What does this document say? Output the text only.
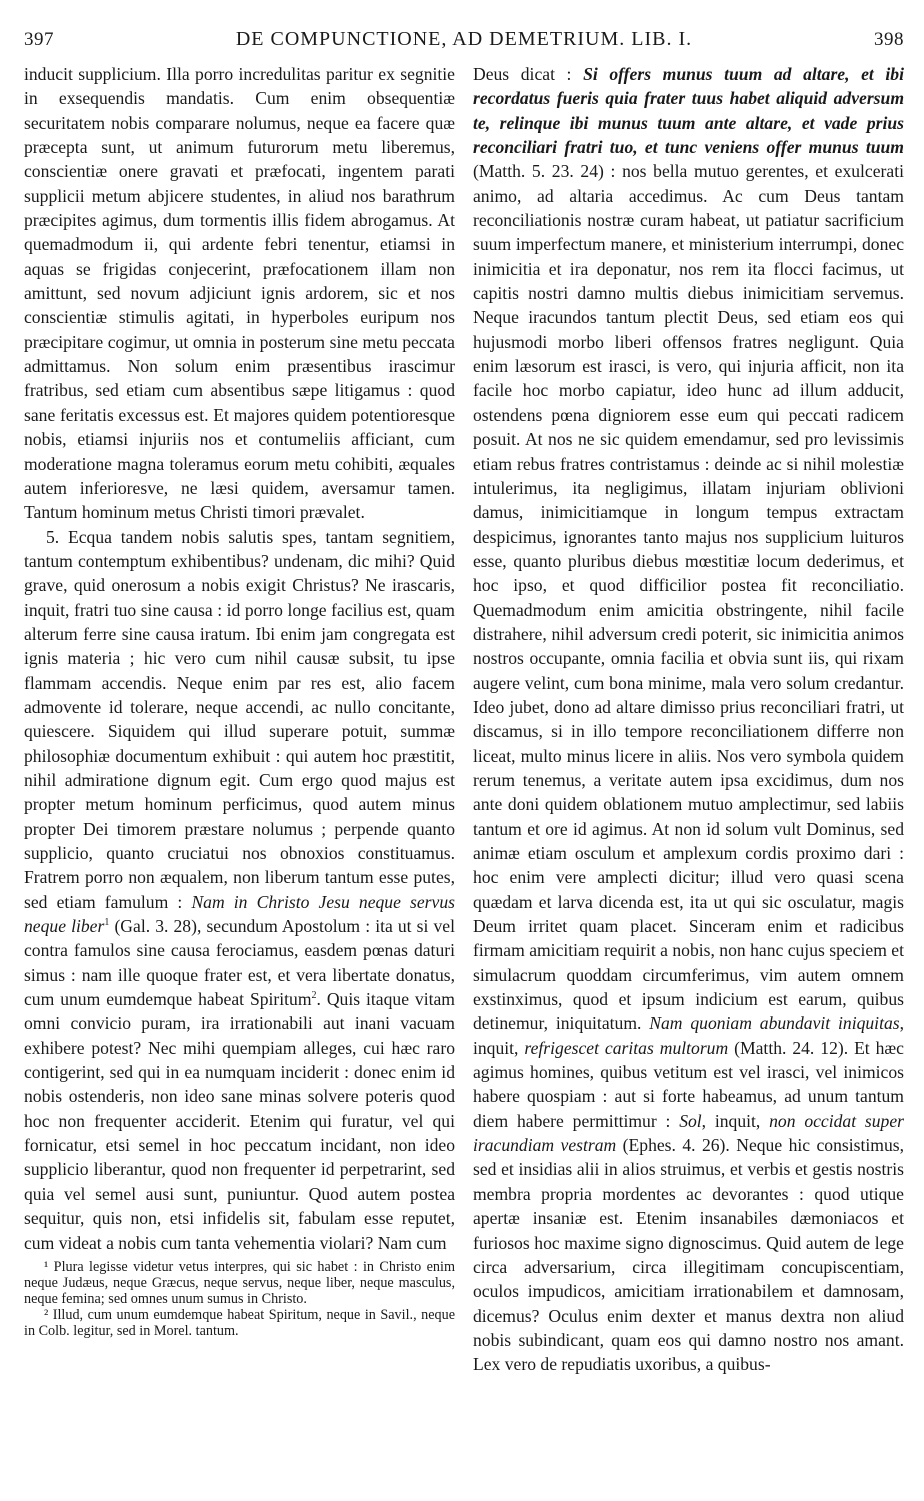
397	DE COMPUNCTIONE, AD DEMETRIUM. LIB. I.	398

inducit supplicium. Illa porro incredulitas paritur ex segnitie in exsequendis mandatis. Cum enim obsequentiæ securitatem nobis comparare nolumus, neque ea facere quæ præcepta sunt, ut animum futurorum metu liberemus, conscientiæ onere gravati et præfocati, ingentem parati supplicii metum abjicere studentes, in aliud nos barathrum præcipites agimus, dum tormentis illis fidem abrogamus. At quemadmodum ii, qui ardente febri tenentur, etiamsi in aquas se frigidas conjecerint, præfocationem illam non amittunt, sed novum adjiciunt ignis ardorem, sic et nos conscientiæ stimulis agitati, in hyperboles euripum nos præcipitare cogimur, ut omnia in posterum sine metu peccata admittamus. Non solum enim præsentibus irascimur fratribus, sed etiam cum absentibus sæpe litigamus : quod sane feritatis excessus est. Et majores quidem potentioresque nobis, etiamsi injuriis nos et contumeliis afficiant, cum moderatione magna toleramus eorum metu cohibiti, æquales autem inferioresve, ne læsi quidem, aversamur tamen. Tantum hominum metus Christi timori prævalet.

5. Ecqua tandem nobis salutis spes, tantam segnitiem, tantum contemptum exhibentibus? undenam, dic mihi? Quid grave, quid onerosum a nobis exigit Christus? Ne irascaris, inquit, fratri tuo sine causa : id porro longe facilius est, quam alterum ferre sine causa iratum. Ibi enim jam congregata est ignis materia ; hic vero cum nihil causæ subsit, tu ipse flammam accendis. Neque enim par res est, alio facem admovente id tolerare, neque accendi, ac nullo concitante, quiescere. Siquidem qui illud superare potuit, summæ philosophiæ documentum exhibuit : qui autem hoc præstitit, nihil admiratione dignum egit. Cum ergo quod majus est propter metum hominum perficimus, quod autem minus propter Dei timorem præstare nolumus ; perpende quanto supplicio, quanto cruciatui nos obnoxios constituamus. Fratrem porro non æqualem, non liberum tantum esse putes, sed etiam famulum : Nam in Christo Jesu neque servus neque liber$^1$ (Gal. 3. 28), secundum Apostolum : ita ut si vel contra famulos sine causa ferociamus, easdem pœnas daturi simus : nam ille quoque frater est, et vera libertate donatus, cum unum eumdemque habeat Spiritum$^2$. Quis itaque vitam omni convicio puram, ira irrationabili aut inani vacuam exhibere potest? Nec mihi quempiam alleges, cui hæc raro contigerint, sed qui in ea numquam inciderit : donec enim id nobis ostenderis, non ideo sane minas solvere poteris quod hoc non frequenter acciderit. Etenim qui furatur, vel qui fornicatur, etsi semel in hoc peccatum incidant, non ideo supplicio liberantur, quod non frequenter id perpetrarint, sed quia vel semel ausi sunt, puniuntur. Quod autem postea sequitur, quis non, etsi infidelis sit, fabulam esse reputet, cum videat a nobis cum tanta vehementia violari? Nam cum

¹ Plura legisse videtur vetus interpres, qui sic habet : in Christo enim neque Judæus, neque Græcus, neque servus, neque liber, neque masculus, neque femina; sed omnes unum sumus in Christo.

² Illud, cum unum eumdemque habeat Spiritum, neque in Savil., neque in Colb. legitur, sed in Morel. tantum.

Deus dicat : Si offers munus tuum ad altare, et ibi recordatus fueris quia frater tuus habet aliquid adversum te, relinque ibi munus tuum ante altare, et vade prius reconciliari fratri tuo, et tunc veniens offer munus tuum (Matth. 5. 23. 24) : nos bella mutuo gerentes, et exulcerati animo, ad altaria accedimus. Ac cum Deus tantam reconciliationis nostræ curam habeat, ut patiatur sacrificium suum imperfectum manere, et ministerium interrumpi, donec inimicitia et ira deponatur, nos rem ita flocci facimus, ut capitis nostri damno multis diebus inimicitiam servemus. Neque iracundos tantum plectit Deus, sed etiam eos qui hujusmodi morbo liberi offensos fratres negligunt. Quia enim læsorum est irasci, is vero, qui injuria afficit, non ita facile hoc morbo capiatur, ideo hunc ad illum adducit, ostendens pœna digniorem esse eum qui peccati radicem posuit. At nos ne sic quidem emendamur, sed pro levissimis etiam rebus fratres contristamus : deinde ac si nihil molestiæ intulerimus, ita negligimus, illatam injuriam oblivioni damus, inimicitiamque in longum tempus extractam despicimus, ignorantes tanto majus nos supplicium luituros esse, quanto pluribus diebus mœstitiæ locum dederimus, et hoc ipso, et quod difficilior postea fit reconciliatio. Quemadmodum enim amicitia obstringente, nihil facile distrahere, nihil adversum credi poterit, sic inimicitia animos nostros occupante, omnia facilia et obvia sunt iis, qui rixam augere velint, cum bona minime, mala vero solum credantur. Ideo jubet, dono ad altare dimisso prius reconciliari fratri, ut discamus, si in illo tempore reconciliationem differre non liceat, multo minus licere in aliis. Nos vero symbola quidem rerum tenemus, a veritate autem ipsa excidimus, dum nos ante doni quidem oblationem mutuo amplectimur, sed labiis tantum et ore id agimus. At non id solum vult Dominus, sed animæ etiam osculum et amplexum cordis proximo dari : hoc enim vere amplecti dicitur; illud vero quasi scena quædam et larva dicenda est, ita ut qui sic osculatur, magis Deum irritet quam placet. Sinceram enim et radicibus firmam amicitiam requirit a nobis, non hanc cujus speciem et simulacrum quoddam circumferimus, vim autem omnem exstinximus, quod et ipsum indicium est earum, quibus detinemur, iniquitatum. Nam quoniam abundavit iniquitas, inquit, refrigescet caritas multorum (Matth. 24. 12). Et hæc agimus homines, quibus vetitum est vel irasci, vel inimicos habere quospiam : aut si forte habeamus, ad unum tantum diem habere permittimur : Sol, inquit, non occidat super iracundiam vestram (Ephes. 4. 26). Neque hic consistimus, sed et insidias alii in alios struimus, et verbis et gestis nostris membra propria mordentes ac devorantes : quod utique apertæ insaniæ est. Etenim insanabiles dæmoniacos et furiosos hoc maxime signo dignoscimus. Quid autem de lege circa adversarium, circa illegitimam concupiscentiam, oculos impudicos, amicitiam irrationabilem et damnosam, dicemus? Oculus enim dexter et manus dextra non aliud nobis subindicant, quam eos qui damno nostro nos amant. Lex vero de repudiatis uxoribus, a quibus-
